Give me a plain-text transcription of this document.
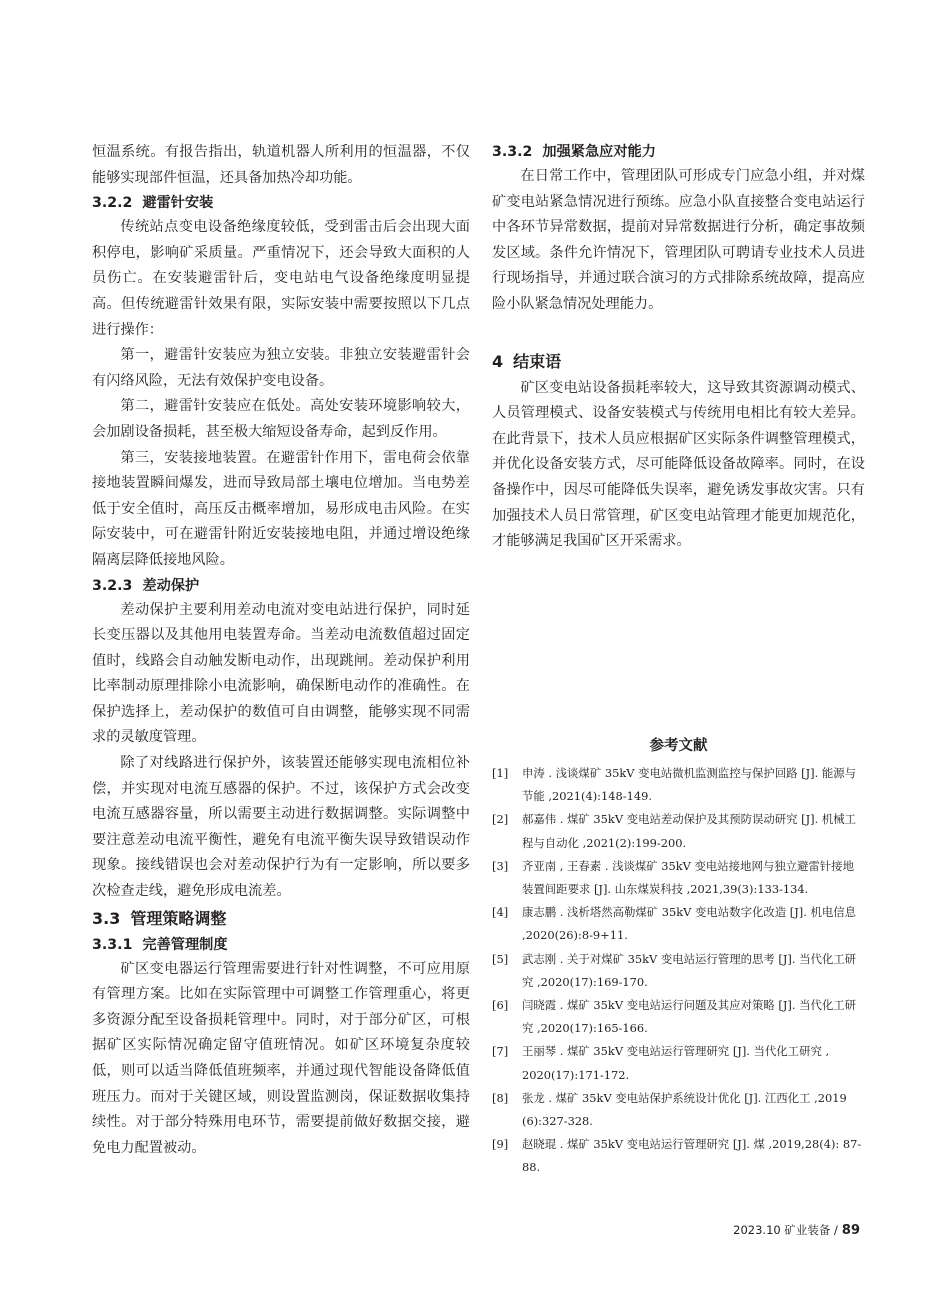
恒温系统。有报告指出，轨道机器人所利用的恒温器，不仅能够实现部件恒温，还具备加热冷却功能。

3.2.2 避雷针安装

传统站点变电设备绝缘度较低，受到雷击后会出现大面积停电，影响矿采质量。严重情况下，还会导致大面积的人员伤亡。在安装避雷针后，变电站电气设备绝缘度明显提高。但传统避雷针效果有限，实际安装中需要按照以下几点进行操作：

第一，避雷针安装应为独立安装。非独立安装避雷针会有闪络风险，无法有效保护变电设备。

第二，避雷针安装应在低处。高处安装环境影响较大，会加剧设备损耗，甚至极大缩短设备寿命，起到反作用。

第三，安装接地装置。在避雷针作用下，雷电荷会依靠接地装置瞬间爆发，进而导致局部土壤电位增加。当电势差低于安全值时，高压反击概率增加，易形成电击风险。在实际安装中，可在避雷针附近安装接地电阻，并通过增设绝缘隔离层降低接地风险。

3.2.3 差动保护

差动保护主要利用差动电流对变电站进行保护，同时延长变压器以及其他用电装置寿命。当差动电流数值超过固定值时，线路会自动触发断电动作，出现跳闸。差动保护利用比率制动原理排除小电流影响，确保断电动作的准确性。在保护选择上，差动保护的数值可自由调整，能够实现不同需求的灵敏度管理。

除了对线路进行保护外，该装置还能够实现电流相位补偿，并实现对电流互感器的保护。不过，该保护方式会改变电流互感器容量，所以需要主动进行数据调整。实际调整中要注意差动电流平衡性，避免有电流平衡失误导致错误动作现象。接线错误也会对差动保护行为有一定影响，所以要多次检查走线，避免形成电流差。

3.3 管理策略调整
3.3.1 完善管理制度

矿区变电器运行管理需要进行针对性调整，不可应用原有管理方案。比如在实际管理中可调整工作管理重心，将更多资源分配至设备损耗管理中。同时，对于部分矿区，可根据矿区实际情况确定留守值班情况。如矿区环境复杂度较低，则可以适当降低值班频率，并通过现代智能设备降低值班压力。而对于关键区域，则设置监测岗，保证数据收集持续性。对于部分特殊用电环节，需要提前做好数据交接，避免电力配置被动。

3.3.2 加强紧急应对能力

在日常工作中，管理团队可形成专门应急小组，并对煤矿变电站紧急情况进行预练。应急小队直接整合变电站运行中各环节异常数据，提前对异常数据进行分析，确定事故频发区域。条件允许情况下，管理团队可聘请专业技术人员进行现场指导，并通过联合演习的方式排除系统故障，提高应险小队紧急情况处理能力。

4 结束语

矿区变电站设备损耗率较大，这导致其资源调动模式、人员管理模式、设备安装模式与传统用电相比有较大差异。在此背景下，技术人员应根据矿区实际条件调整管理模式，并优化设备安装方式，尽可能降低设备故障率。同时，在设备操作中，因尽可能降低失误率，避免诱发事故灾害。只有加强技术人员日常管理，矿区变电站管理才能更加规范化，才能够满足我国矿区开采需求。

参考文献
[1]	申涛 . 浅谈煤矿 35kV 变电站微机监测监控与保护回路 [J]. 能源与节能 ,2021(4):148-149.
[2]	郝嘉伟 . 煤矿 35kV 变电站差动保护及其预防误动研究 [J]. 机械工程与自动化 ,2021(2):199-200.
[3]	齐亚南 , 王春素 . 浅谈煤矿 35kV 变电站接地网与独立避雷针接地装置间距要求 [J]. 山东煤炭科技 ,2021,39(3):133-134.
[4]	康志鹏 . 浅析塔然高勒煤矿 35kV 变电站数字化改造 [J]. 机电信息 ,2020(26):8-9+11.
[5]	武志刚 . 关于对煤矿 35kV 变电站运行管理的思考 [J]. 当代化工研究 ,2020(17):169-170.
[6]	闫晓霞 . 煤矿 35kV 变电站运行问题及其应对策略 [J]. 当代化工研究 ,2020(17):165-166.
[7]	王丽琴 . 煤矿 35kV 变电站运行管理研究 [J]. 当代化工研究 , 2020(17):171-172.
[8]	张龙 . 煤矿 35kV 变电站保护系统设计优化 [J]. 江西化工 ,2019 (6):327-328.
[9]	赵晓琨 . 煤矿 35kV 变电站运行管理研究 [J]. 煤 ,2019,28(4): 87-88.
2023.10 矿业装备 / 89
